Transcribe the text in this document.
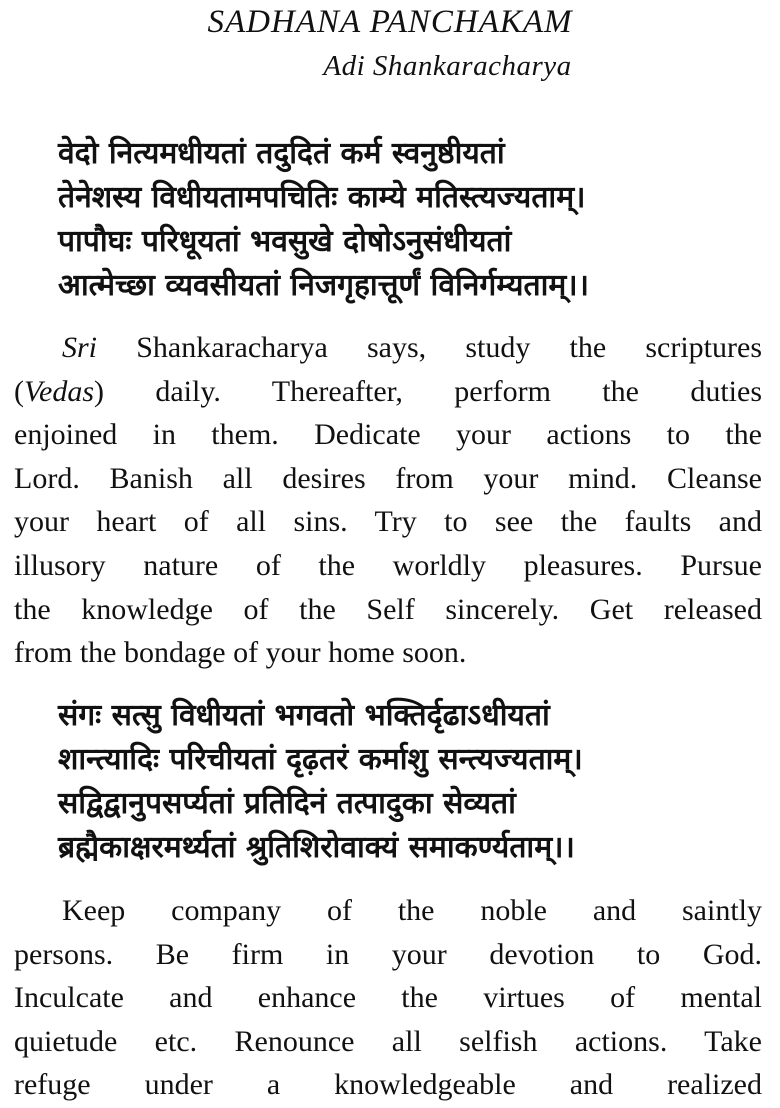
SADHANA PANCHAKAM
Adi Shankaracharya
वेदो नित्यमधीयतां तदुदितं कर्म स्वनुष्ठीयतां
तेनेशस्य विधीयतामपचितिः काम्ये मतिस्त्यज्यताम्।
पापौघः परिधूयतां भवसुखे दोषोऽनुसंधीयतां
आत्मेच्छा व्यवसीयतां निजगृहात्तूर्णं विनिर्गम्यताम्।।
Sri Shankaracharya says, study the scriptures
(Vedas) daily. Thereafter, perform the duties
enjoined in them. Dedicate your actions to the
Lord. Banish all desires from your mind. Cleanse
your heart of all sins. Try to see the faults and
illusory nature of the worldly pleasures. Pursue
the knowledge of the Self sincerely. Get released
from the bondage of your home soon.
संगः सत्सु विधीयतां भगवतो भक्तिर्दृढाऽधीयतां
शान्त्यादिः परिचीयतां दृढ़तरं कर्माशु सन्त्यज्यताम्।
सद्विद्वानुपसर्प्यतां प्रतिदिनं तत्पादुका सेव्यतां
ब्रह्मैकाक्षरमर्थ्यतां श्रुतिशिरोवाक्यं समाकर्ण्यताम्।।
Keep company of the noble and saintly
persons. Be firm in your devotion to God.
Inculcate and enhance the virtues of mental
quietude etc. Renounce all selfish actions. Take
refuge under a knowledgeable and realized
